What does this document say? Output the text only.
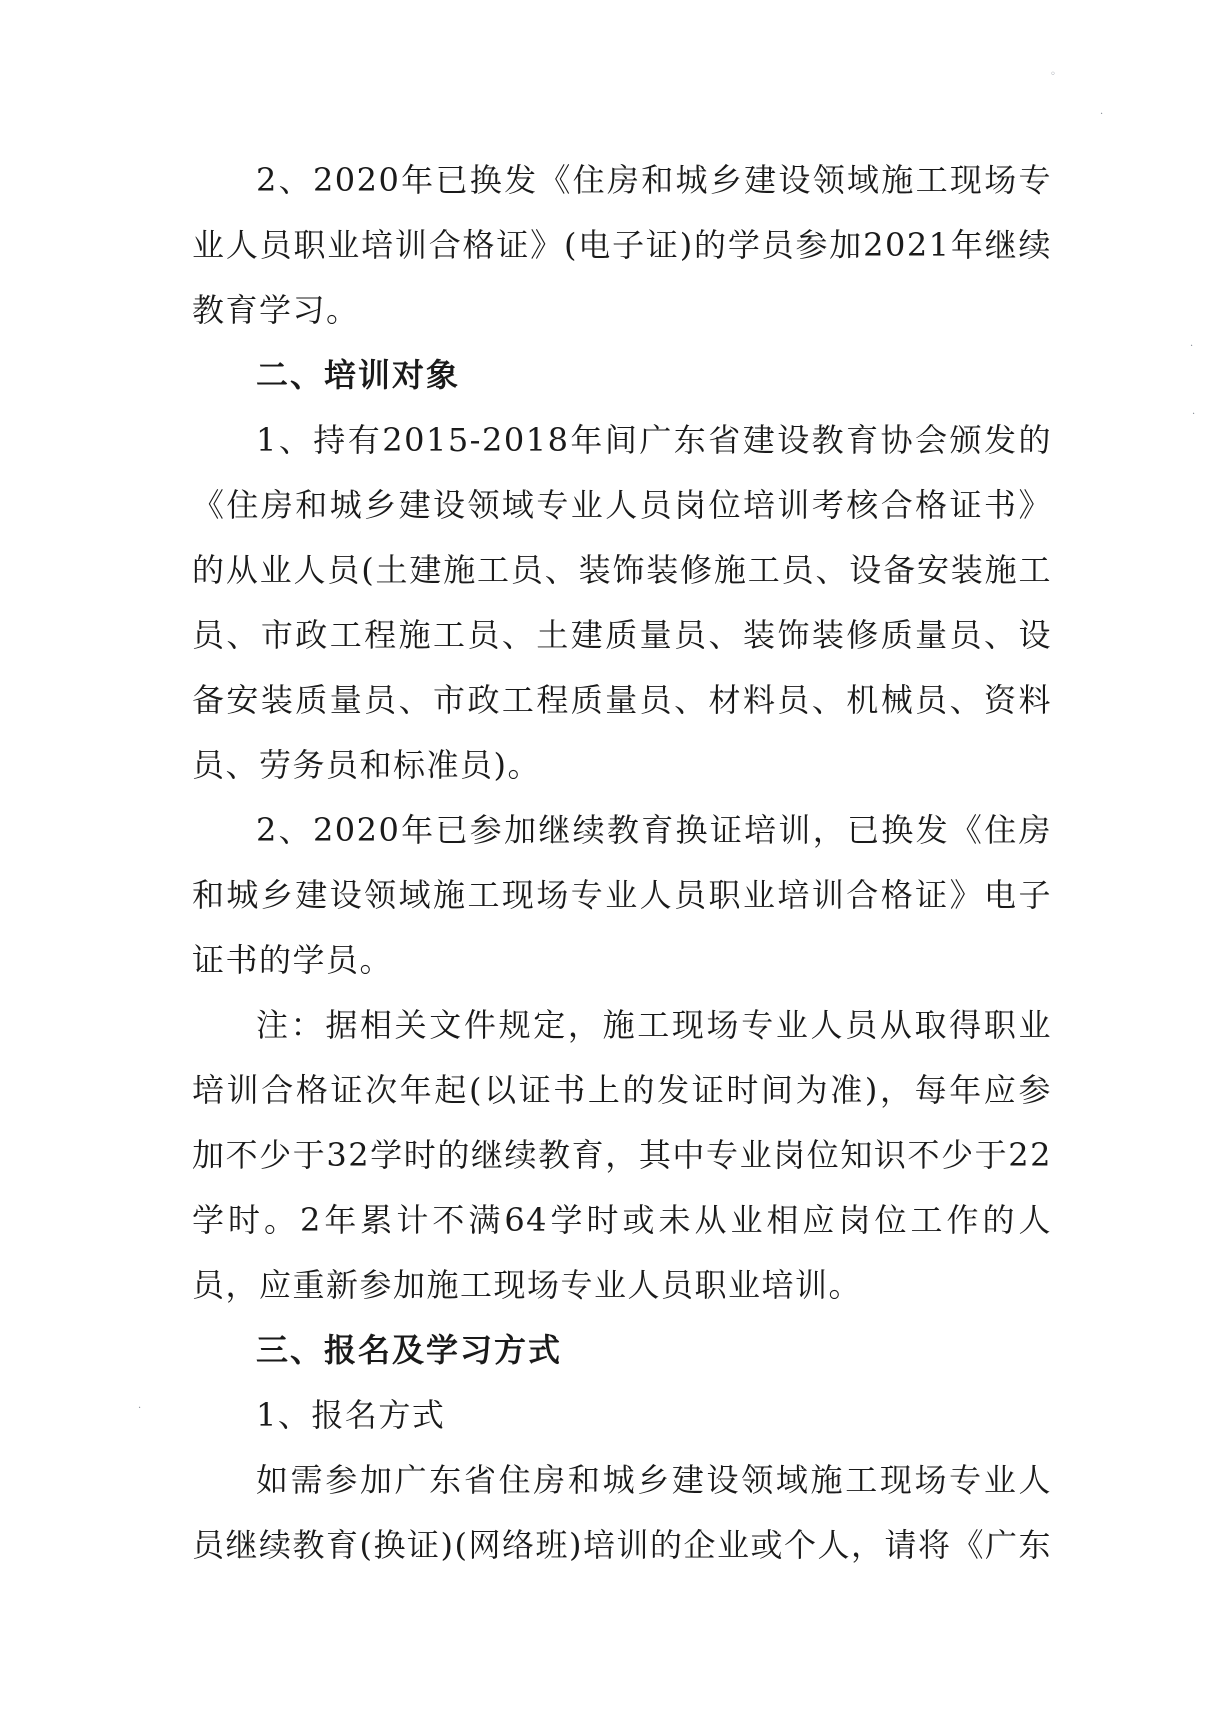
◦
·
·
·
·

2、2020年已换发《住房和城乡建设领域施工现场专业人员职业培训合格证》(电子证)的学员参加2021年继续教育学习。

二、培训对象

1、持有2015-2018年间广东省建设教育协会颁发的《住房和城乡建设领域专业人员岗位培训考核合格证书》的从业人员(土建施工员、装饰装修施工员、设备安装施工员、市政工程施工员、土建质量员、装饰装修质量员、设备安装质量员、市政工程质量员、材料员、机械员、资料员、劳务员和标准员)。

2、2020年已参加继续教育换证培训，已换发《住房和城乡建设领域施工现场专业人员职业培训合格证》电子证书的学员。

注：据相关文件规定，施工现场专业人员从取得职业培训合格证次年起(以证书上的发证时间为准)，每年应参加不少于32学时的继续教育，其中专业岗位知识不少于22学时。2年累计不满64学时或未从业相应岗位工作的人员，应重新参加施工现场专业人员职业培训。

三、报名及学习方式

1、报名方式

如需参加广东省住房和城乡建设领域施工现场专业人员继续教育(换证)(网络班)培训的企业或个人，请将《广东
